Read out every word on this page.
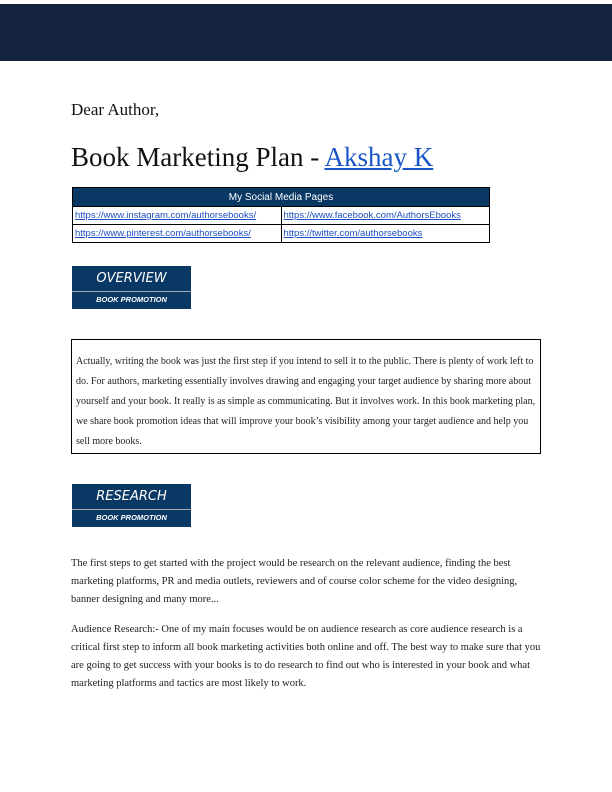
Dear Author,
Book Marketing Plan - Akshay K
My Social Media Pages	
https://www.instagram.com/authorsebooks/	https://www.facebook.com/AuthorsEbooks
https://www.pinterest.com/authorsebooks/	https://twitter.com/authorsebooks
OVERVIEW
BOOK PROMOTION
Actually, writing the book was just the first step if you intend to sell it to the public. There is plenty of work left to do. For authors, marketing essentially involves drawing and engaging your target audience by sharing more about yourself and your book. It really is as simple as communicating. But it involves work. In this book marketing plan, we share book promotion ideas that will improve your book’s visibility among your target audience and help you sell more books.
RESEARCH
BOOK PROMOTION
The first steps to get started with the project would be research on the relevant audience, finding the best marketing platforms, PR and media outlets, reviewers and of course color scheme for the video designing, banner designing and many more...
Audience Research:- One of my main focuses would be on audience research as core audience research is a critical first step to inform all book marketing activities both online and off. The best way to make sure that you are going to get success with your books is to do research to find out who is interested in your book and what marketing platforms and tactics are most likely to work.
